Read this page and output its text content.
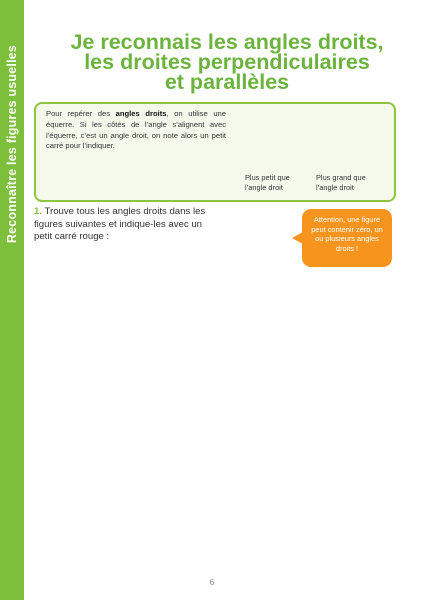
Reconnaître les figures usuelles
Je reconnais les angles droits,
les droites perpendiculaires
et parallèles
Pour repérer des angles droits, on utilise une équerre. Si les côtés de l’angle s’alignent avec l’équerre, c’est un angle droit, on note alors un petit carré pour l’indiquer.
Plus petit que l’angle droit
Plus grand que l’angle droit
1. Trouve tous les angles droits dans les figures suivantes et indique-les avec un petit carré rouge :
Attention, une figure peut contenir zéro, un ou plusieurs angles droits !
6
